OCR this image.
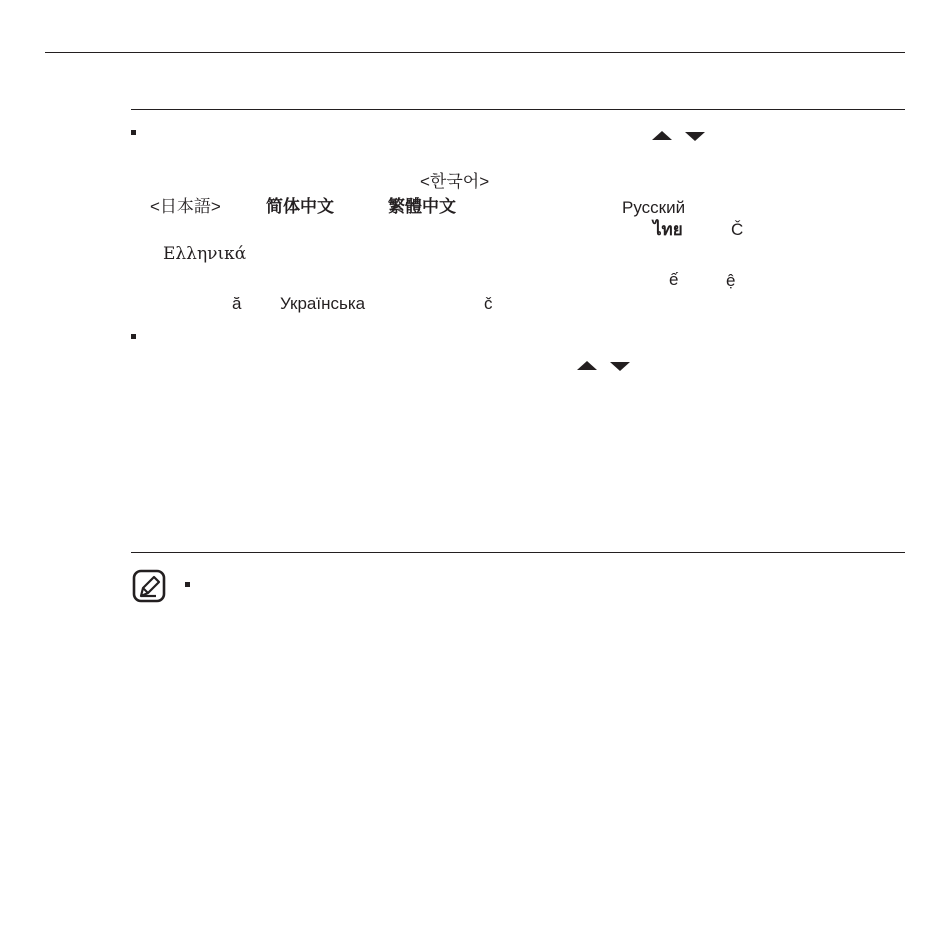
<한국어>
<日本語>	简体中文	繁體中文	Русский
ไทย	Č
Ελληνικά
ế	ệ
ă Українська	č
